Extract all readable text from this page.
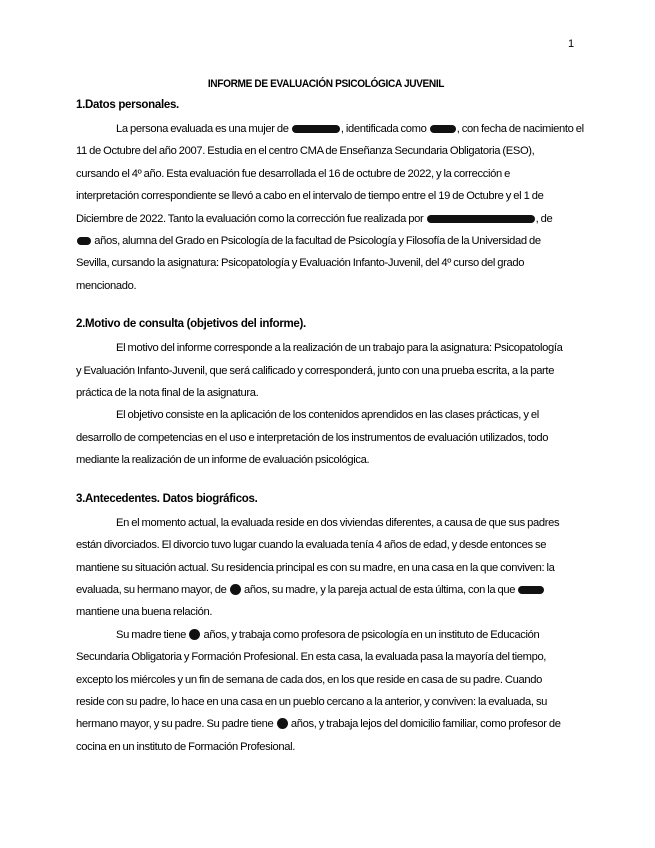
1
INFORME DE EVALUACIÓN PSICOLÓGICA JUVENIL
1.Datos personales.
La persona evaluada es una mujer de	, identificada como	, con fecha de nacimiento el
11 de Octubre del año 2007. Estudia en el centro CMA de Enseñanza Secundaria Obligatoria (ESO),
cursando el 4º año. Esta evaluación fue desarrollada el 16 de octubre de 2022, y la corrección e
interpretación correspondiente se llevó a cabo en el intervalo de tiempo entre el 19 de Octubre y el 1 de
Diciembre de 2022. Tanto la evaluación como la corrección fue realizada por	, de
años, alumna del Grado en Psicología de la facultad de Psicología y Filosofía de la Universidad de
Sevilla, cursando la asignatura: Psicopatología y Evaluación Infanto-Juvenil, del 4º curso del grado
mencionado.
2.Motivo de consulta (objetivos del informe).
El motivo del informe corresponde a la realización de un trabajo para la asignatura: Psicopatología
y Evaluación Infanto-Juvenil, que será calificado y corresponderá, junto con una prueba escrita, a la parte
práctica de la nota final de la asignatura.
El objetivo consiste en la aplicación de los contenidos aprendidos en las clases prácticas, y el
desarrollo de competencias en el uso e interpretación de los instrumentos de evaluación utilizados, todo
mediante la realización de un informe de evaluación psicológica.
3.Antecedentes. Datos biográficos.
En el momento actual, la evaluada reside en dos viviendas diferentes, a causa de que sus padres
están divorciados. El divorcio tuvo lugar cuando la evaluada tenía 4 años de edad, y desde entonces se
mantiene su situación actual. Su residencia principal es con su madre, en una casa en la que conviven: la
evaluada, su hermano mayor, de  años, su madre, y la pareja actual de esta última, con la que
mantiene una buena relación.
Su madre tiene  años, y trabaja como profesora de psicología en un instituto de Educación
Secundaria Obligatoria y Formación Profesional. En esta casa, la evaluada pasa la mayoría del tiempo,
excepto los miércoles y un fin de semana de cada dos, en los que reside en casa de su padre. Cuando
reside con su padre, lo hace en una casa en un pueblo cercano a la anterior, y conviven: la evaluada, su
hermano mayor, y su padre. Su padre tiene  años, y trabaja lejos del domicilio familiar, como profesor de
cocina en un instituto de Formación Profesional.
